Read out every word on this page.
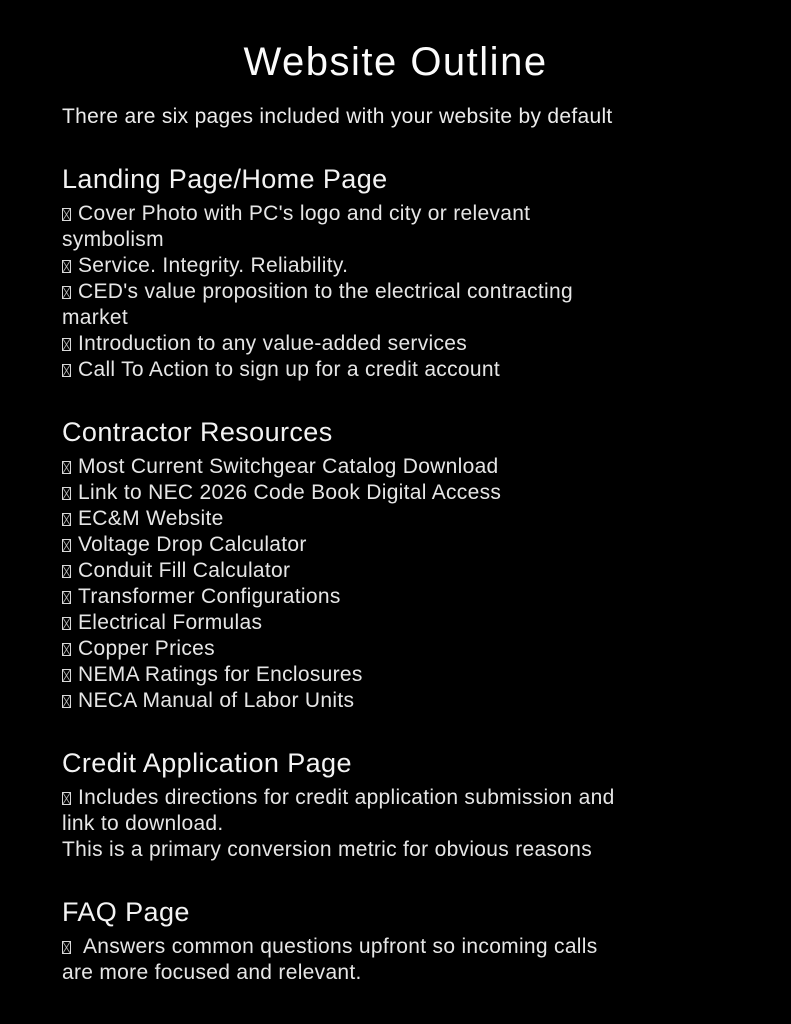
Website Outline

There are six pages included with your website by default

Landing Page/Home Page
Cover Photo with PC's logo and city or relevant
symbolism
Service. Integrity. Reliability.
CED's value proposition to the electrical contracting
market
Introduction to any value-added services
Call To Action to sign up for a credit account
Contractor Resources
Most Current Switchgear Catalog Download
Link to NEC 2026 Code Book Digital Access
EC&M Website
Voltage Drop Calculator
Conduit Fill Calculator
Transformer Configurations
Electrical Formulas
Copper Prices
NEMA Ratings for Enclosures
NECA Manual of Labor Units
Credit Application Page
Includes directions for credit application submission and
link to download.
This is a primary conversion metric for obvious reasons
FAQ Page
Answers common questions upfront so incoming calls
are more focused and relevant.
